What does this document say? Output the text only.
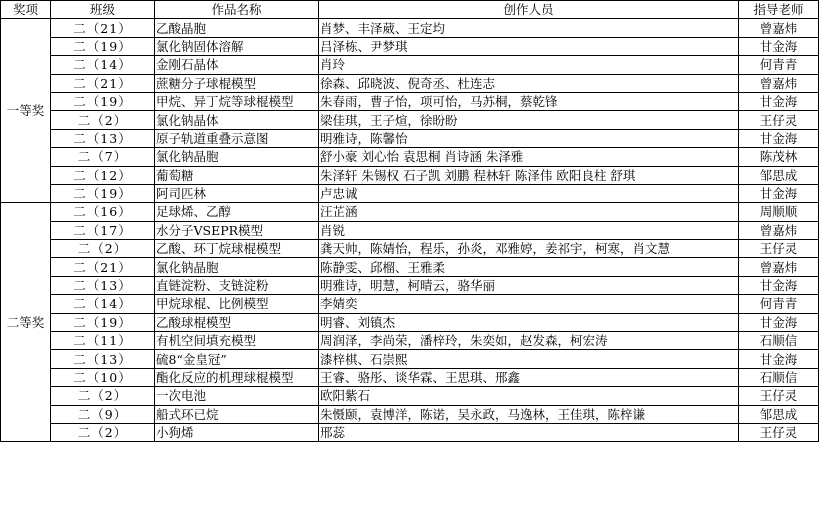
奖项	班级	作品名称	创作人员	指导老师
一等奖	二（21）	乙酸晶胞	肖梦、丰泽葳、王定均	曾嘉炜
	二（19）	氯化钠固体溶解	吕泽栋、尹梦琪	甘金海
	二（14）	金刚石晶体	肖玲	何青青
	二（21）	蔗糖分子球棍模型	徐森、邱晓波、倪奇丞、杜连志	曾嘉炜
	二（19）	甲烷、异丁烷等球棍模型	朱春雨，曹子怡，项可怡，马苏桐，蔡乾锋	甘金海
	二（2）	氯化钠晶体	梁佳琪，王子煊，徐盼盼	王仔灵
	二（13）	原子轨道重叠示意图	明雅诗，陈馨怡	甘金海
	二（7）	氯化钠晶胞	舒小豪 刘心怡 袁思桐 肖诗涵 朱泽雅	陈茂林
	二（12）	葡萄糖	朱泽轩 朱锡权 石子凯 刘鹏 程林轩 陈泽伟 欧阳良柱 舒琪	邹思成
	二（19）	阿司匹林	卢忠诚	甘金海
二等奖	二（16）	足球烯、乙醇	汪芷涵	周顺顺
	二（17）	水分子VSEPR模型	肖锐	曾嘉炜
	二（2）	乙酸、环丁烷球棍模型	龚天帅，陈婧怡，程乐，孙炎，邓雅婷，姜祁宇，柯寒，肖文慧	王仔灵
	二（21）	氯化钠晶胞	陈静雯、邱榴、王雅柔	曾嘉炜
	二（13）	直链淀粉、支链淀粉	明雅诗，明慧，柯晴云，骆华丽	甘金海
	二（14）	甲烷球棍、比例模型	李婧奕	何青青
	二（19）	乙酸球棍模型	明睿、刘镇杰	甘金海
	二（11）	有机空间填充模型	周润泽，李尚荣，潘梓玲，朱奕如，赵发森，柯宏涛	石顺信
	二（13）	硫8“金皇冠”	漆梓棋、石崇熙	甘金海
	二（10）	酯化反应的机理球棍模型	王睿、骆彤、谈华霖、王思琪、邢鑫	石顺信
	二（2）	一次电池	欧阳紫石	王仔灵
	二（9）	船式环已烷	朱慑颐，袁博洋，陈诺，吴永政，马逸林，王佳琪，陈梓谦	邹思成
	二（2）	小狗烯	邢蕊	王仔灵
